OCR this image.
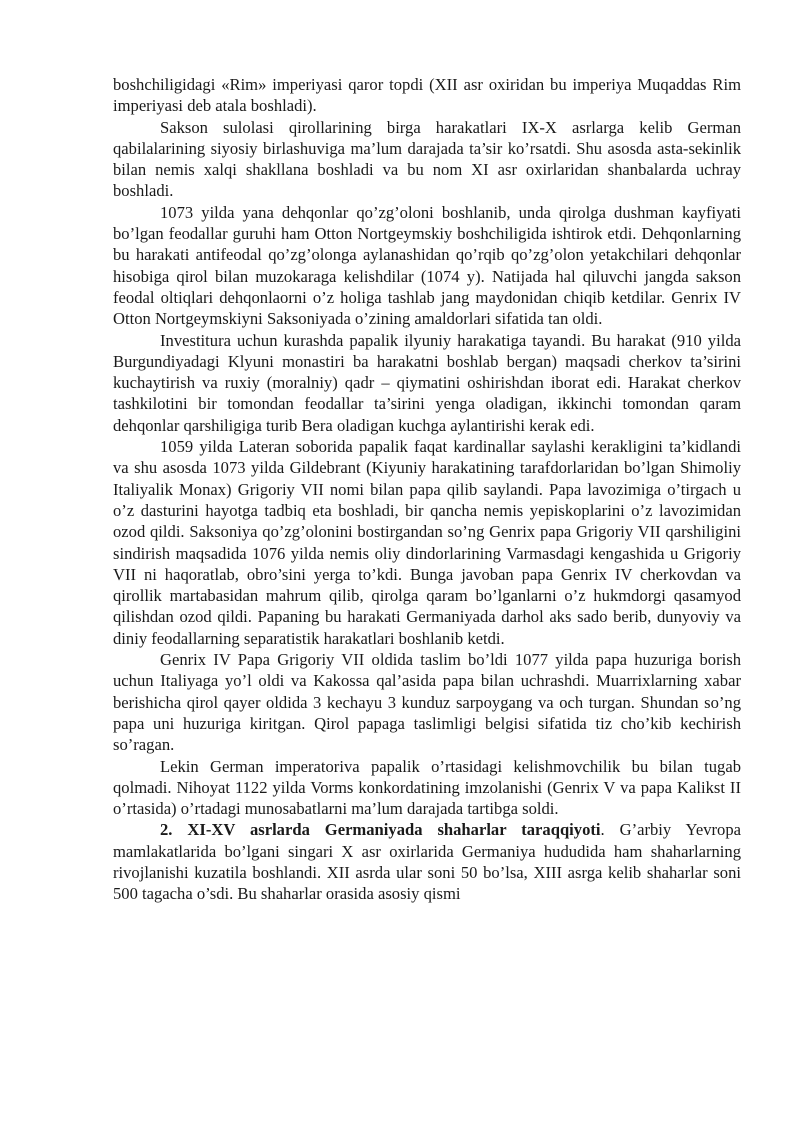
boshchiligidagi «Rim» imperiyasi qaror topdi (XII asr oxiridan bu imperiya Muqaddas Rim imperiyasi deb atala boshladi).

Sakson sulolasi qirollarining birga harakatlari IX-X asrlarga kelib German qabilalarining siyosiy birlashuviga ma’lum darajada ta’sir ko’rsatdi. Shu asosda asta-sekinlik bilan nemis xalqi shakllana boshladi va bu nom XI asr oxirlaridan shanbalarda uchray boshladi.

1073 yilda yana dehqonlar qo’zg’oloni boshlanib, unda qirolga dushman kayfiyati bo’lgan feodallar guruhi ham Otton Nortgeymskiy boshchiligida ishtirok etdi. Dehqonlarning bu harakati antifeodal qo’zg’olonga aylanashidan qo’rqib qo’zg’olon yetakchilari dehqonlar hisobiga qirol bilan muzokaraga kelishdilar (1074 y). Natijada hal qiluvchi jangda sakson feodal oltiqlari dehqonlaorni o’z holiga tashlab jang maydonidan chiqib ketdilar. Genrix IV Otton Nortgeymskiyni Saksoniyada o’zining amaldorlari sifatida tan oldi.

Investitura uchun kurashda papalik ilyuniy harakatiga tayandi. Bu harakat (910 yilda Burgundiyadagi Klyuni monastiri ba harakatni boshlab bergan) maqsadi cherkov ta’sirini kuchaytirish va ruxiy (moralniy) qadr – qiymatini oshirishdan iborat edi. Harakat cherkov tashkilotini bir tomondan feodallar ta’sirini yenga oladigan, ikkinchi tomondan qaram dehqonlar qarshiligiga turib Bera oladigan kuchga aylantirishi kerak edi.

1059 yilda Lateran soborida papalik faqat kardinallar saylashi kerakligini ta’kidlandi va shu asosda 1073 yilda Gildebrant (Kiyuniy harakatining tarafdorlaridan bo’lgan Shimoliy Italiyalik Monax) Grigoriy VII nomi bilan papa qilib saylandi. Papa lavozimiga o’tirgach u o’z dasturini hayotga tadbiq eta boshladi, bir qancha nemis yepiskoplarini o’z lavozimidan ozod qildi. Saksoniya qo’zg’olonini bostirgandan so’ng Genrix papa Grigoriy VII qarshiligini sindirish maqsadida 1076 yilda nemis oliy dindorlarining Varmasdagi kengashida u Grigoriy VII ni haqoratlab, obro’sini yerga to’kdi. Bunga javoban papa Genrix IV cherkovdan va qirollik martabasidan mahrum qilib, qirolga qaram bo’lganlarni o’z hukmdorgi qasamyod qilishdan ozod qildi. Papaning bu harakati Germaniyada darhol aks sado berib, dunyoviy va diniy feodallarning separatistik harakatlari boshlanib ketdi.

Genrix IV Papa Grigoriy VII oldida taslim bo’ldi 1077 yilda papa huzuriga borish uchun Italiyaga yo’l oldi va Kakossa qal’asida papa bilan uchrashdi. Muarrixlarning xabar berishicha qirol qayer oldida 3 kechayu 3 kunduz sarpoygang va och turgan. Shundan so’ng papa uni huzuriga kiritgan. Qirol papaga taslimligi belgisi sifatida tiz cho’kib kechirish so’ragan.

Lekin German imperatoriva papalik o’rtasidagi kelishmovchilik bu bilan tugab qolmadi. Nihoyat 1122 yilda Vorms konkordatining imzolanishi (Genrix V va papa Kalikst II o’rtasida) o’rtadagi munosabatlarni ma’lum darajada tartibga soldi.

2. XI-XV asrlarda Germaniyada shaharlar taraqqiyoti. G’arbiy Yevropa mamlakatlarida bo’lgani singari X asr oxirlarida Germaniya hududida ham shaharlarning rivojlanishi kuzatila boshlandi. XII asrda ular soni 50 bo’lsa, XIII asrga kelib shaharlar soni 500 tagacha o’sdi. Bu shaharlar orasida asosiy qismi
